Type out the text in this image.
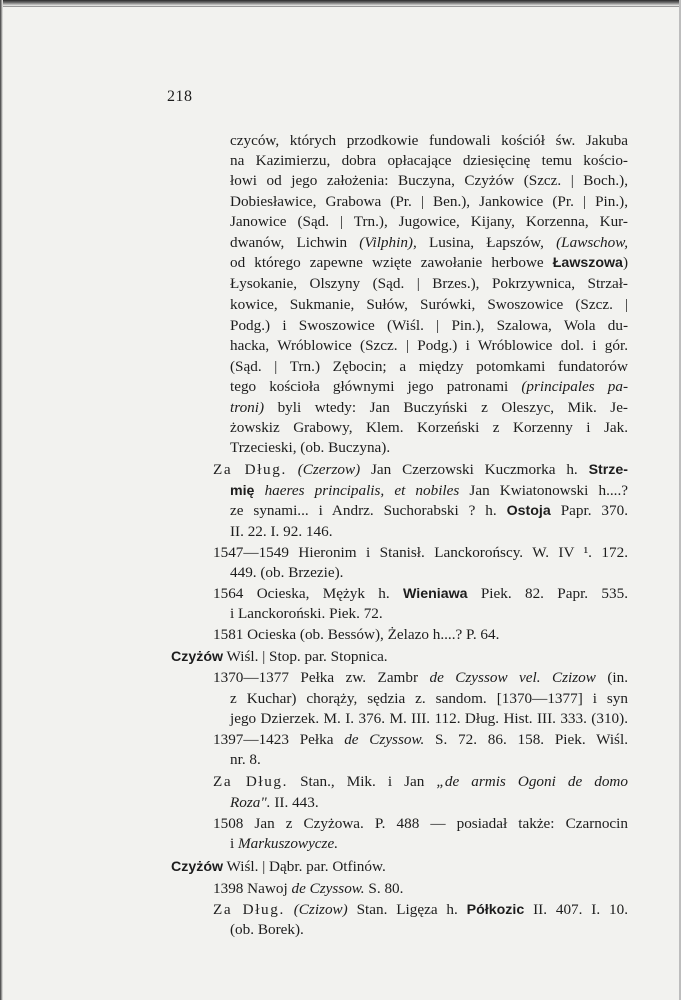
218
czyców, których przodkowie fundowali kościół św. Jakuba
na Kazimierzu, dobra opłacające dziesięcinę temu kościo-
łowi od jego założenia: Buczyna, Czyżów (Szcz. | Boch.),
Dobiesławice, Grabowa (Pr. | Ben.), Jankowice (Pr. | Pin.),
Janowice (Sąd. | Trn.), Jugowice, Kijany, Korzenna, Kur-
dwanów, Lichwin (Vilphin), Lusina, Łapszów, (Lawschow,
od którego zapewne wzięte zawołanie herbowe Ławszowa)
Łysokanie, Olszyny (Sąd. | Brzes.), Pokrzywnica, Strzał-
kowice, Sukmanie, Sułów, Surówki, Swoszowice (Szcz. |
Podg.) i Swoszowice (Wiśl. | Pin.), Szalowa, Wola du-
hacka, Wróblowice (Szcz. | Podg.) i Wróblowice dol. i gór.
(Sąd. | Trn.) Zębocin; a między potomkami fundatorów
tego kościoła głównymi jego patronami (principales pa-
troni) byli wtedy: Jan Buczyński z Oleszyc, Mik. Je-
żowskiz Grabowy, Klem. Korzeński z Korzenny i Jak.
Trzecieski, (ob. Buczyna).
Za Dług. (Czerzow) Jan Czerzowski Kuczmorka h. Strze-
mię haeres principalis, et nobiles Jan Kwiatonowski h....?
ze synami... i Andrz. Suchorabski ? h. Ostoja Papr. 370.
II. 22. I. 92. 146.
1547—1549 Hieronim i Stanisł. Lanckorońscy. W. IV ¹. 172.
449. (ob. Brzezie).
1564 Ocieska, Mężyk h. Wieniawa Piek. 82. Papr. 535.
i Lanckoroński. Piek. 72.
1581 Ocieska (ob. Bessów), Żelazo h....? P. 64.
Czyżów Wiśl. | Stop. par. Stopnica.
1370—1377 Pełka zw. Zambr de Czyssow vel. Czizow (in.
z Kuchar) chorąży, sędzia z. sandom. [1370—1377] i syn
jego Dzierzek. M. I. 376. M. III. 112. Dług. Hist. III. 333. (310).
1397—1423 Pełka de Czyssow. S. 72. 86. 158. Piek. Wiśl.
nr. 8.
Za Dług. Stan., Mik. i Jan „de armis Ogoni de domo
Roza". II. 443.
1508 Jan z Czyżowa. P. 488 — posiadał także: Czarnocin
i Markuszowycze.
Czyżów Wiśl. | Dąbr. par. Otfinów.
1398 Nawoj de Czyssow. S. 80.
Za Dług. (Czizow) Stan. Ligęza h. Półkozic II. 407. I. 10.
(ob. Borek).
